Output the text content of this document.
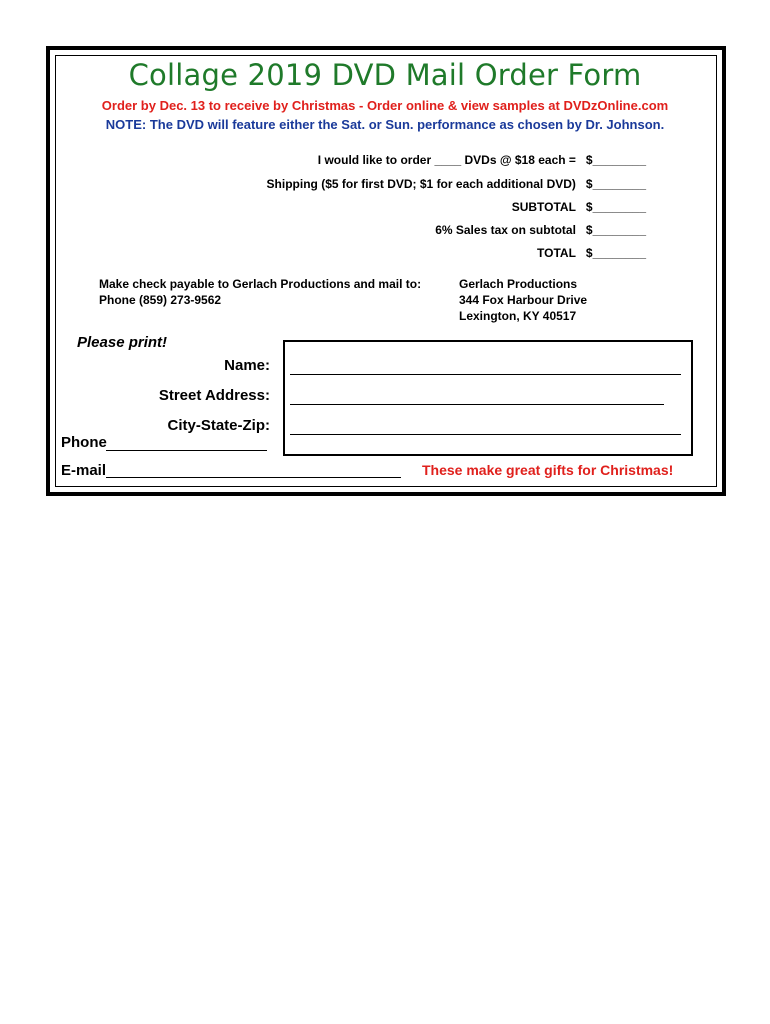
Collage 2019 DVD Mail Order Form
Order by Dec. 13 to receive by Christmas - Order online & view samples at DVDzOnline.com
NOTE: The DVD will feature either the Sat. or Sun. performance as chosen by Dr. Johnson.
I would like to order ____ DVDs @ $18 each = $________
Shipping ($5 for first DVD; $1 for each additional DVD) $________
SUBTOTAL $________
6% Sales tax on subtotal $________
TOTAL $________
Make check payable to Gerlach Productions and mail to:
Phone (859) 273-9562
Gerlach Productions
344 Fox Harbour Drive
Lexington, KY 40517
Please print!
Name:
Street Address:
City-State-Zip:
Phone
E-mail	These make great gifts for Christmas!
